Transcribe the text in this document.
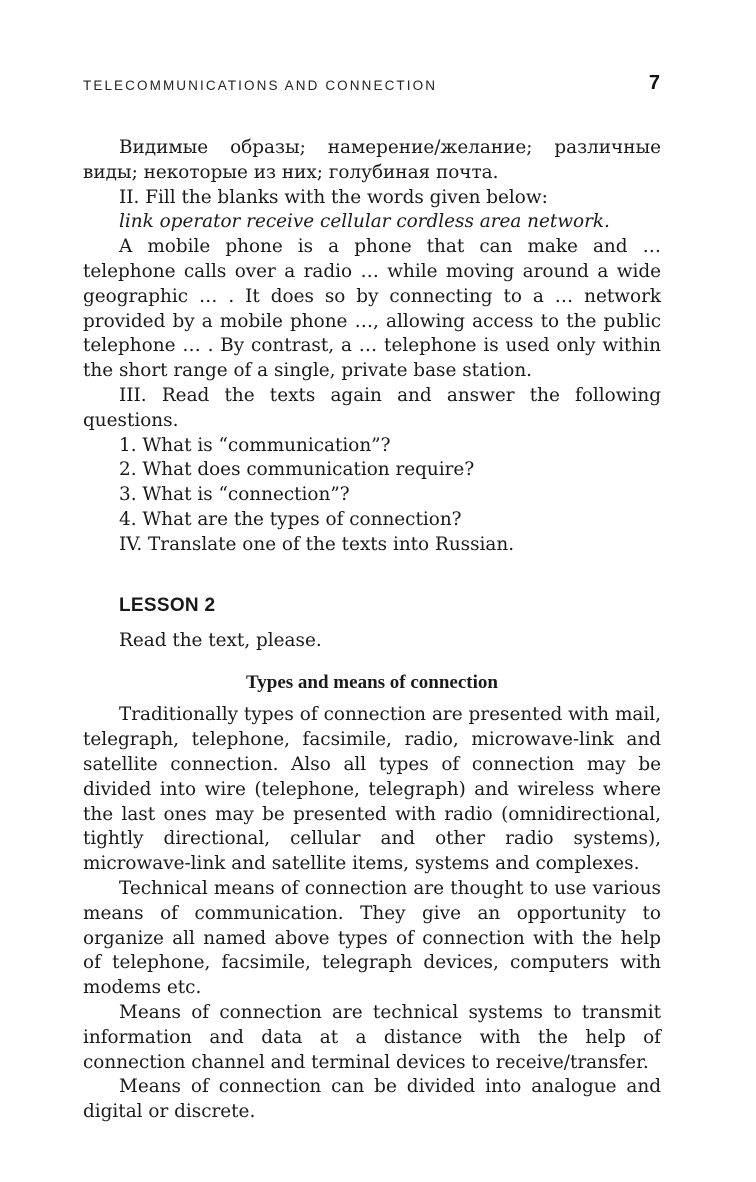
TELECOMMUNICATIONS AND CONNECTION	7

Видимые образы; намерение/желание; различные виды; некоторые из них; голубиная почта.

II. Fill the blanks with the words given below:

link operator receive cellular cordless area network.

A mobile phone is a phone that can make and … telephone calls over a radio … while moving around a wide geographic … . It does so by connecting to a … network provided by a mobile phone …, allowing access to the public telephone … . By contrast, a … telephone is used only within the short range of a single, private base station.

III. Read the texts again and answer the following questions.

1. What is “communication”?

2. What does communication require?

3. What is “connection”?

4. What are the types of connection?

IV. Translate one of the texts into Russian.

LESSON 2

Read the text, please.

Types and means of connection

Traditionally types of connection are presented with mail, telegraph, telephone, facsimile, radio, microwave-link and satellite connection. Also all types of connection may be divided into wire (telephone, telegraph) and wireless where the last ones may be presented with radio (omnidirectional, tightly directional, cellular and other radio systems), microwave-link and satellite items, systems and complexes.

Technical means of connection are thought to use various means of communication. They give an opportunity to organize all named above types of connection with the help of telephone, facsimile, telegraph devices, computers with modems etc.

Means of connection are technical systems to transmit information and data at a distance with the help of connection channel and terminal devices to receive/transfer.

Means of connection can be divided into analogue and digital or discrete.
